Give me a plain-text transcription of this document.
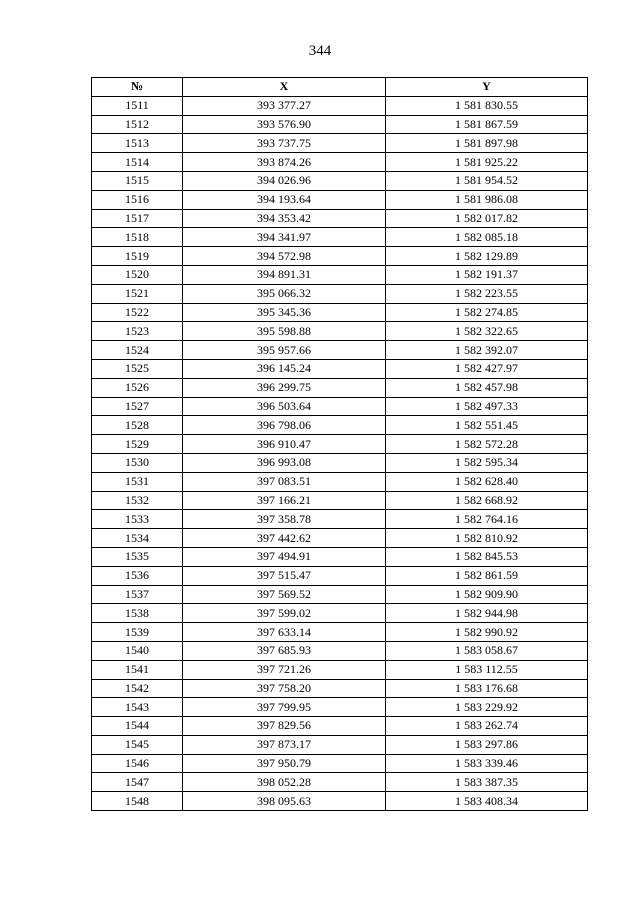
344
№	X	Y
1511	393 377.27	1 581 830.55
1512	393 576.90	1 581 867.59
1513	393 737.75	1 581 897.98
1514	393 874.26	1 581 925.22
1515	394 026.96	1 581 954.52
1516	394 193.64	1 581 986.08
1517	394 353.42	1 582 017.82
1518	394 341.97	1 582 085.18
1519	394 572.98	1 582 129.89
1520	394 891.31	1 582 191.37
1521	395 066.32	1 582 223.55
1522	395 345.36	1 582 274.85
1523	395 598.88	1 582 322.65
1524	395 957.66	1 582 392.07
1525	396 145.24	1 582 427.97
1526	396 299.75	1 582 457.98
1527	396 503.64	1 582 497.33
1528	396 798.06	1 582 551.45
1529	396 910.47	1 582 572.28
1530	396 993.08	1 582 595.34
1531	397 083.51	1 582 628.40
1532	397 166.21	1 582 668.92
1533	397 358.78	1 582 764.16
1534	397 442.62	1 582 810.92
1535	397 494.91	1 582 845.53
1536	397 515.47	1 582 861.59
1537	397 569.52	1 582 909.90
1538	397 599.02	1 582 944.98
1539	397 633.14	1 582 990.92
1540	397 685.93	1 583 058.67
1541	397 721.26	1 583 112.55
1542	397 758.20	1 583 176.68
1543	397 799.95	1 583 229.92
1544	397 829.56	1 583 262.74
1545	397 873.17	1 583 297.86
1546	397 950.79	1 583 339.46
1547	398 052.28	1 583 387.35
1548	398 095.63	1 583 408.34
